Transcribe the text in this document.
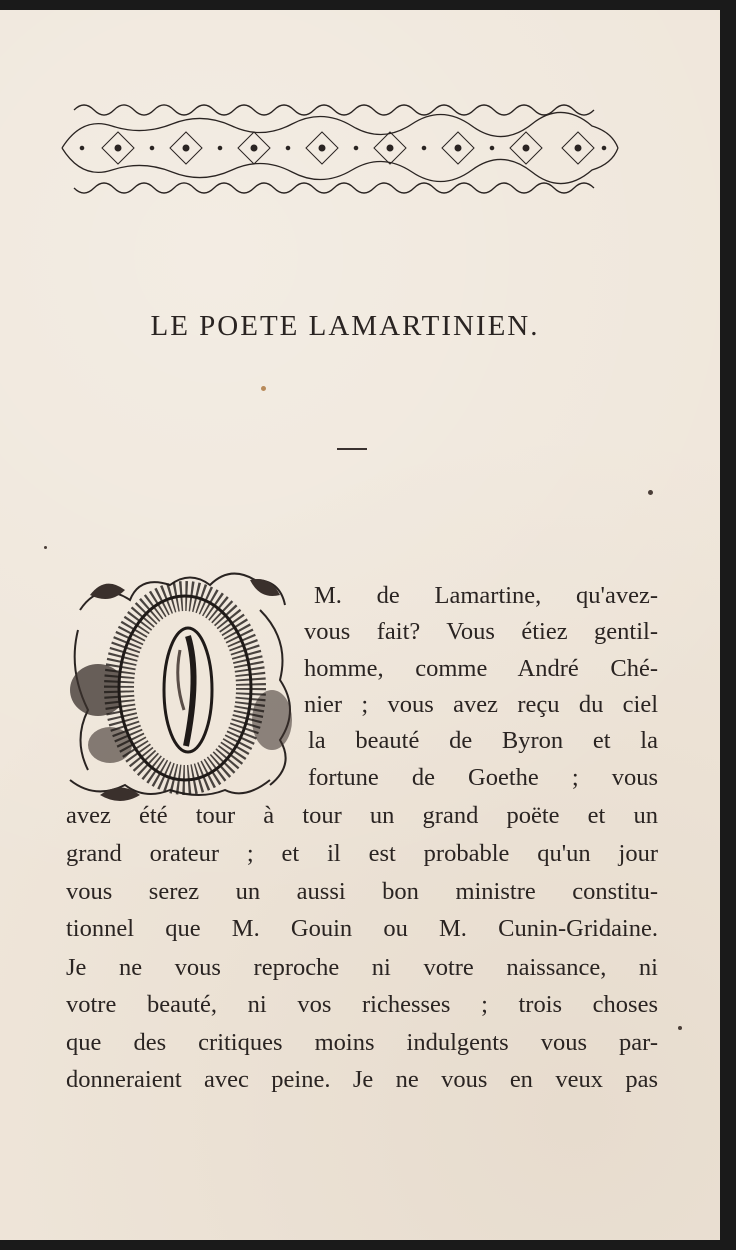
LE POETE LAMARTINIEN.
M. de Lamartine, qu'avez-
vous fait? Vous étiez gentil-
homme, comme André Ché-
nier ; vous avez reçu du ciel
la beauté de Byron et la
fortune de Goethe ; vous
avez été tour à tour un grand poëte et un
grand orateur ; et il est probable qu'un jour
vous serez un aussi bon ministre constitu-
tionnel que M. Gouin ou M. Cunin-Gridaine.
Je ne vous reproche ni votre naissance, ni
votre beauté, ni vos richesses ; trois choses
que des critiques moins indulgents vous par-
donneraient avec peine. Je ne vous en veux pas
